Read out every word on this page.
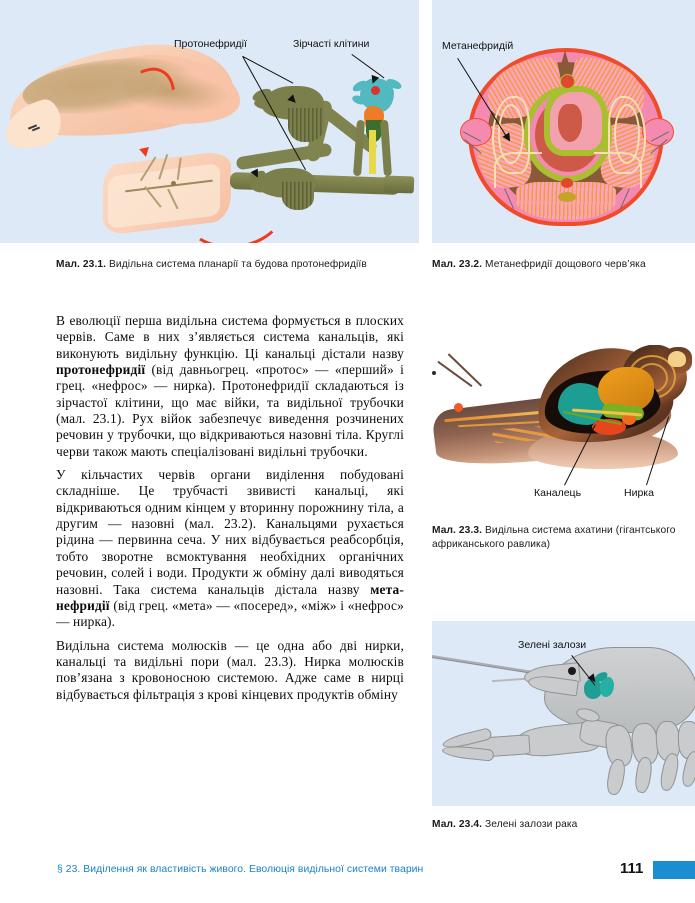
Протонефридії	Зірчасті клітини
Мал. 23.1. Видільна система планарії та будова протонефридіїв
Метанефридій
Мал. 23.2. Метанефридії дощового черв’яка

В еволюції перша видільна система формується в плоских червів. Саме в них з’являється система канальців, які виконують видільну функцію. Ці канальці дістали назву протонефридії (від давньогрец. «протос» — «перший» і грец. «нефрос» — нирка). Протонефридії складаються із зірчастої клітини, що має війки, та видільної трубочки (мал. 23.1). Рух війок забезпечує виведення розчинених речовин у трубочки, що відкриваються назовні тіла. Круглі черви також мають спеціалізовані видільні трубочки.

У кільчастих червів органи виділення побудовані складніше. Це трубчасті звивисті канальці, які відкриваються одним кінцем у вторинну порожнину тіла, а другим — назовні (мал. 23.2). Канальцями рухається рідина — первинна сеча. У них відбувається реабсорбція, тобто зворотне всмоктування необхідних органічних речовин, солей і води. Продукти ж обміну далі виводяться назовні. Така система канальців дістала назву мета-нефридії (від грец. «мета» — «посеред», «між» і «нефрос» — нирка).

Видільна система молюсків — це одна або дві нирки, канальці та видільні пори (мал. 23.3). Нирка молюсків пов’язана з кровоносною системою. Адже саме в нирці відбувається фільтрація з крові кінцевих продуктів обміну

Каналець	Нирка
Мал. 23.3. Видільна система ахатини (гігантського африканського равлика)
Зелені залози
Мал. 23.4. Зелені залози рака
§ 23. Виділення як властивість живого. Еволюція видільної системи тварин	111
